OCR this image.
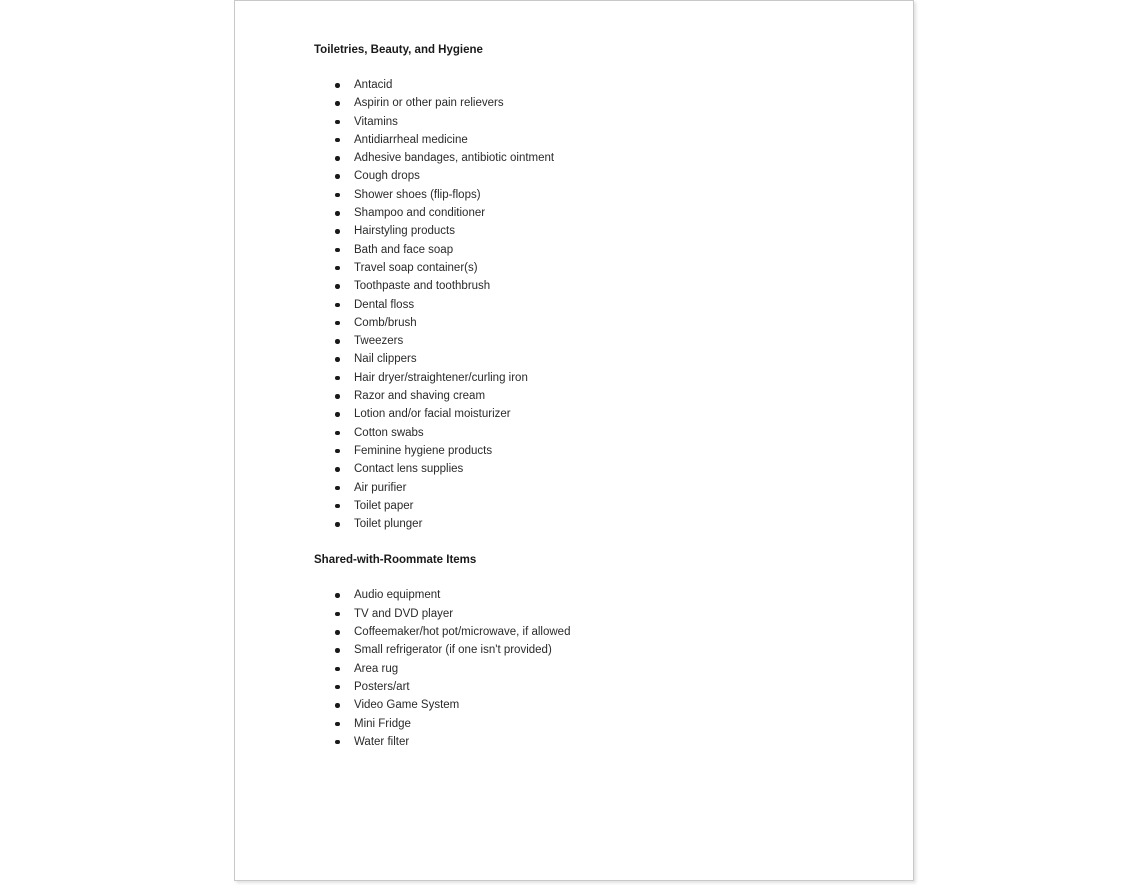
Toiletries, Beauty, and Hygiene
Antacid
Aspirin or other pain relievers
Vitamins
Antidiarrheal medicine
Adhesive bandages, antibiotic ointment
Cough drops
Shower shoes (flip-flops)
Shampoo and conditioner
Hairstyling products
Bath and face soap
Travel soap container(s)
Toothpaste and toothbrush
Dental floss
Comb/brush
Tweezers
Nail clippers
Hair dryer/straightener/curling iron
Razor and shaving cream
Lotion and/or facial moisturizer
Cotton swabs
Feminine hygiene products
Contact lens supplies
Air purifier
Toilet paper
Toilet plunger
Shared-with-Roommate Items
Audio equipment
TV and DVD player
Coffeemaker/hot pot/microwave, if allowed
Small refrigerator (if one isn't provided)
Area rug
Posters/art
Video Game System
Mini Fridge
Water filter
